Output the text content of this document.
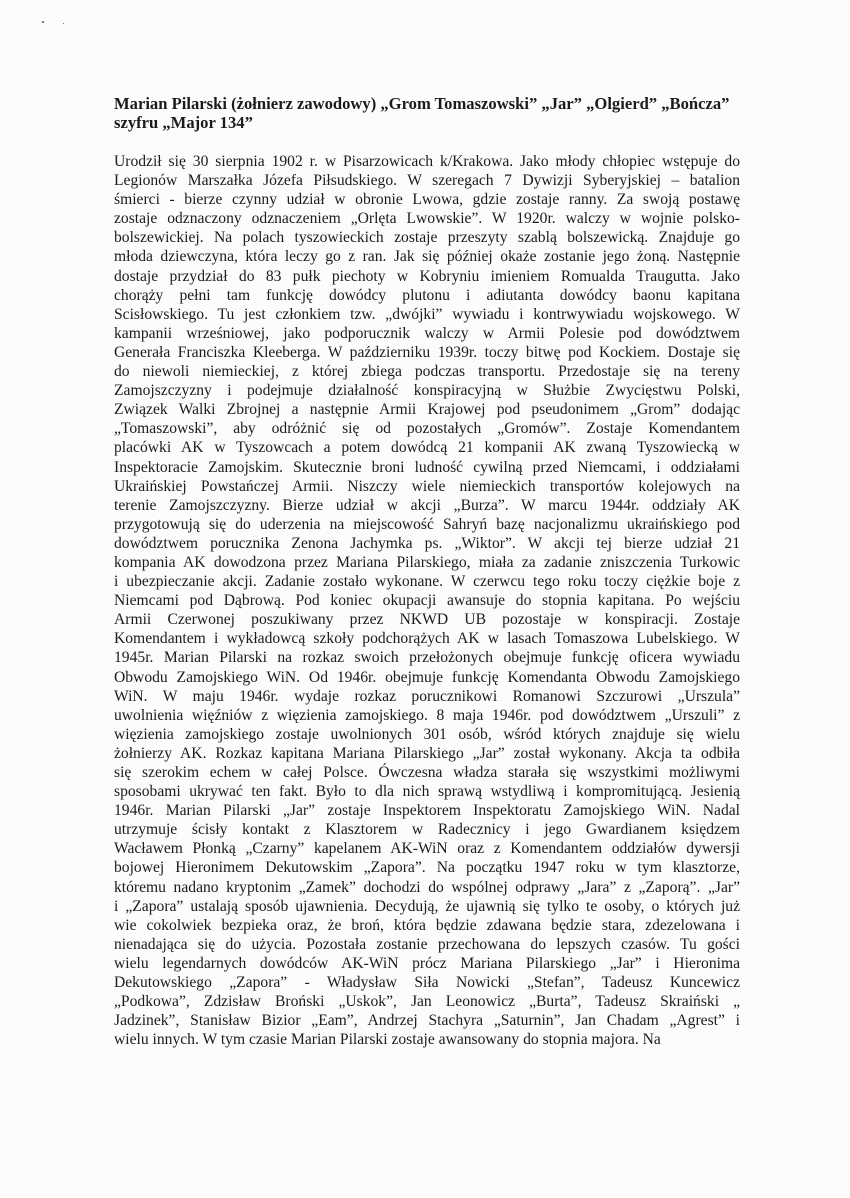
Marian Pilarski (żołnierz zawodowy) „Grom Tomaszowski” „Jar” „Olgierd” „Bończa”
szyfru „Major 134”
Urodził się 30 sierpnia 1902 r. w Pisarzowicach k/Krakowa. Jako młody chłopiec wstępuje do
Legionów Marszałka Józefa Piłsudskiego. W szeregach 7 Dywizji Syberyjskiej – batalion
śmierci - bierze czynny udział w obronie Lwowa, gdzie zostaje ranny. Za swoją postawę
zostaje odznaczony odznaczeniem „Orlęta Lwowskie”. W 1920r. walczy w wojnie polsko-
bolszewickiej. Na polach tyszowieckich zostaje przeszyty szablą bolszewicką. Znajduje go
młoda dziewczyna, która leczy go z ran. Jak się później okaże zostanie jego żoną. Następnie
dostaje przydział do 83 pułk piechoty w Kobryniu imieniem Romualda Traugutta. Jako
chorąży pełni tam funkcję dowódcy plutonu i adiutanta dowódcy baonu kapitana
Scisłowskiego. Tu jest członkiem tzw. „dwójki” wywiadu i kontrwywiadu wojskowego. W
kampanii wrześniowej, jako podporucznik walczy w Armii Polesie pod dowództwem
Generała Franciszka Kleeberga. W październiku 1939r. toczy bitwę pod Kockiem. Dostaje się
do niewoli niemieckiej, z której zbiega podczas transportu. Przedostaje się na tereny
Zamojszczyzny i podejmuje działalność konspiracyjną w Służbie Zwycięstwu Polski,
Związek Walki Zbrojnej a następnie Armii Krajowej pod pseudonimem „Grom” dodając
„Tomaszowski”, aby odróżnić się od pozostałych „Gromów”. Zostaje Komendantem
placówki AK w Tyszowcach a potem dowódcą 21 kompanii AK zwaną Tyszowiecką w
Inspektoracie Zamojskim. Skutecznie broni ludność cywilną przed Niemcami, i oddziałami
Ukraińskiej Powstańczej Armii. Niszczy wiele niemieckich transportów kolejowych na
terenie Zamojszczyzny. Bierze udział w akcji „Burza”. W marcu 1944r. oddziały AK
przygotowują się do uderzenia na miejscowość Sahryń bazę nacjonalizmu ukraińskiego pod
dowództwem porucznika Zenona Jachymka ps. „Wiktor”. W akcji tej bierze udział 21
kompania AK dowodzona przez Mariana Pilarskiego, miała za zadanie zniszczenia Turkowic
i ubezpieczanie akcji. Zadanie zostało wykonane. W czerwcu tego roku toczy ciężkie boje z
Niemcami pod Dąbrową. Pod koniec okupacji awansuje do stopnia kapitana. Po wejściu
Armii Czerwonej poszukiwany przez NKWD UB pozostaje w konspiracji. Zostaje
Komendantem i wykładowcą szkoły podchorążych AK w lasach Tomaszowa Lubelskiego. W
1945r. Marian Pilarski na rozkaz swoich przełożonych obejmuje funkcję oficera wywiadu
Obwodu Zamojskiego WiN. Od 1946r. obejmuje funkcję Komendanta Obwodu Zamojskiego
WiN. W maju 1946r. wydaje rozkaz porucznikowi Romanowi Szczurowi „Urszula”
uwolnienia więźniów z więzienia zamojskiego. 8 maja 1946r. pod dowództwem „Urszuli” z
więzienia zamojskiego zostaje uwolnionych 301 osób, wśród których znajduje się wielu
żołnierzy AK. Rozkaz kapitana Mariana Pilarskiego „Jar” został wykonany. Akcja ta odbiła
się szerokim echem w całej Polsce. Ówczesna władza starała się wszystkimi możliwymi
sposobami ukrywać ten fakt. Było to dla nich sprawą wstydliwą i kompromitującą. Jesienią
1946r. Marian Pilarski „Jar” zostaje Inspektorem Inspektoratu Zamojskiego WiN. Nadal
utrzymuje ścisły kontakt z Klasztorem w Radecznicy i jego Gwardianem księdzem
Wacławem Płonką „Czarny” kapelanem AK-WiN oraz z Komendantem oddziałów dywersji
bojowej Hieronimem Dekutowskim „Zapora”. Na początku 1947 roku w tym klasztorze,
któremu nadano kryptonim „Zamek” dochodzi do wspólnej odprawy „Jara” z „Zaporą”. „Jar”
i „Zapora” ustalają sposób ujawnienia. Decydują, że ujawnią się tylko te osoby, o których już
wie cokolwiek bezpieka oraz, że broń, która będzie zdawana będzie stara, zdezelowana i
nienadająca się do użycia. Pozostała zostanie przechowana do lepszych czasów. Tu gości
wielu legendarnych dowódców AK-WiN prócz Mariana Pilarskiego „Jar” i Hieronima
Dekutowskiego „Zapora” - Władysław Siła Nowicki „Stefan”, Tadeusz Kuncewicz
„Podkowa”, Zdzisław Broński „Uskok”, Jan Leonowicz „Burta”, Tadeusz Skraiński „
Jadzinek”, Stanisław Bizior „Eam”, Andrzej Stachyra „Saturnin”, Jan Chadam „Agrest” i
wielu innych. W tym czasie Marian Pilarski zostaje awansowany do stopnia majora. Na
